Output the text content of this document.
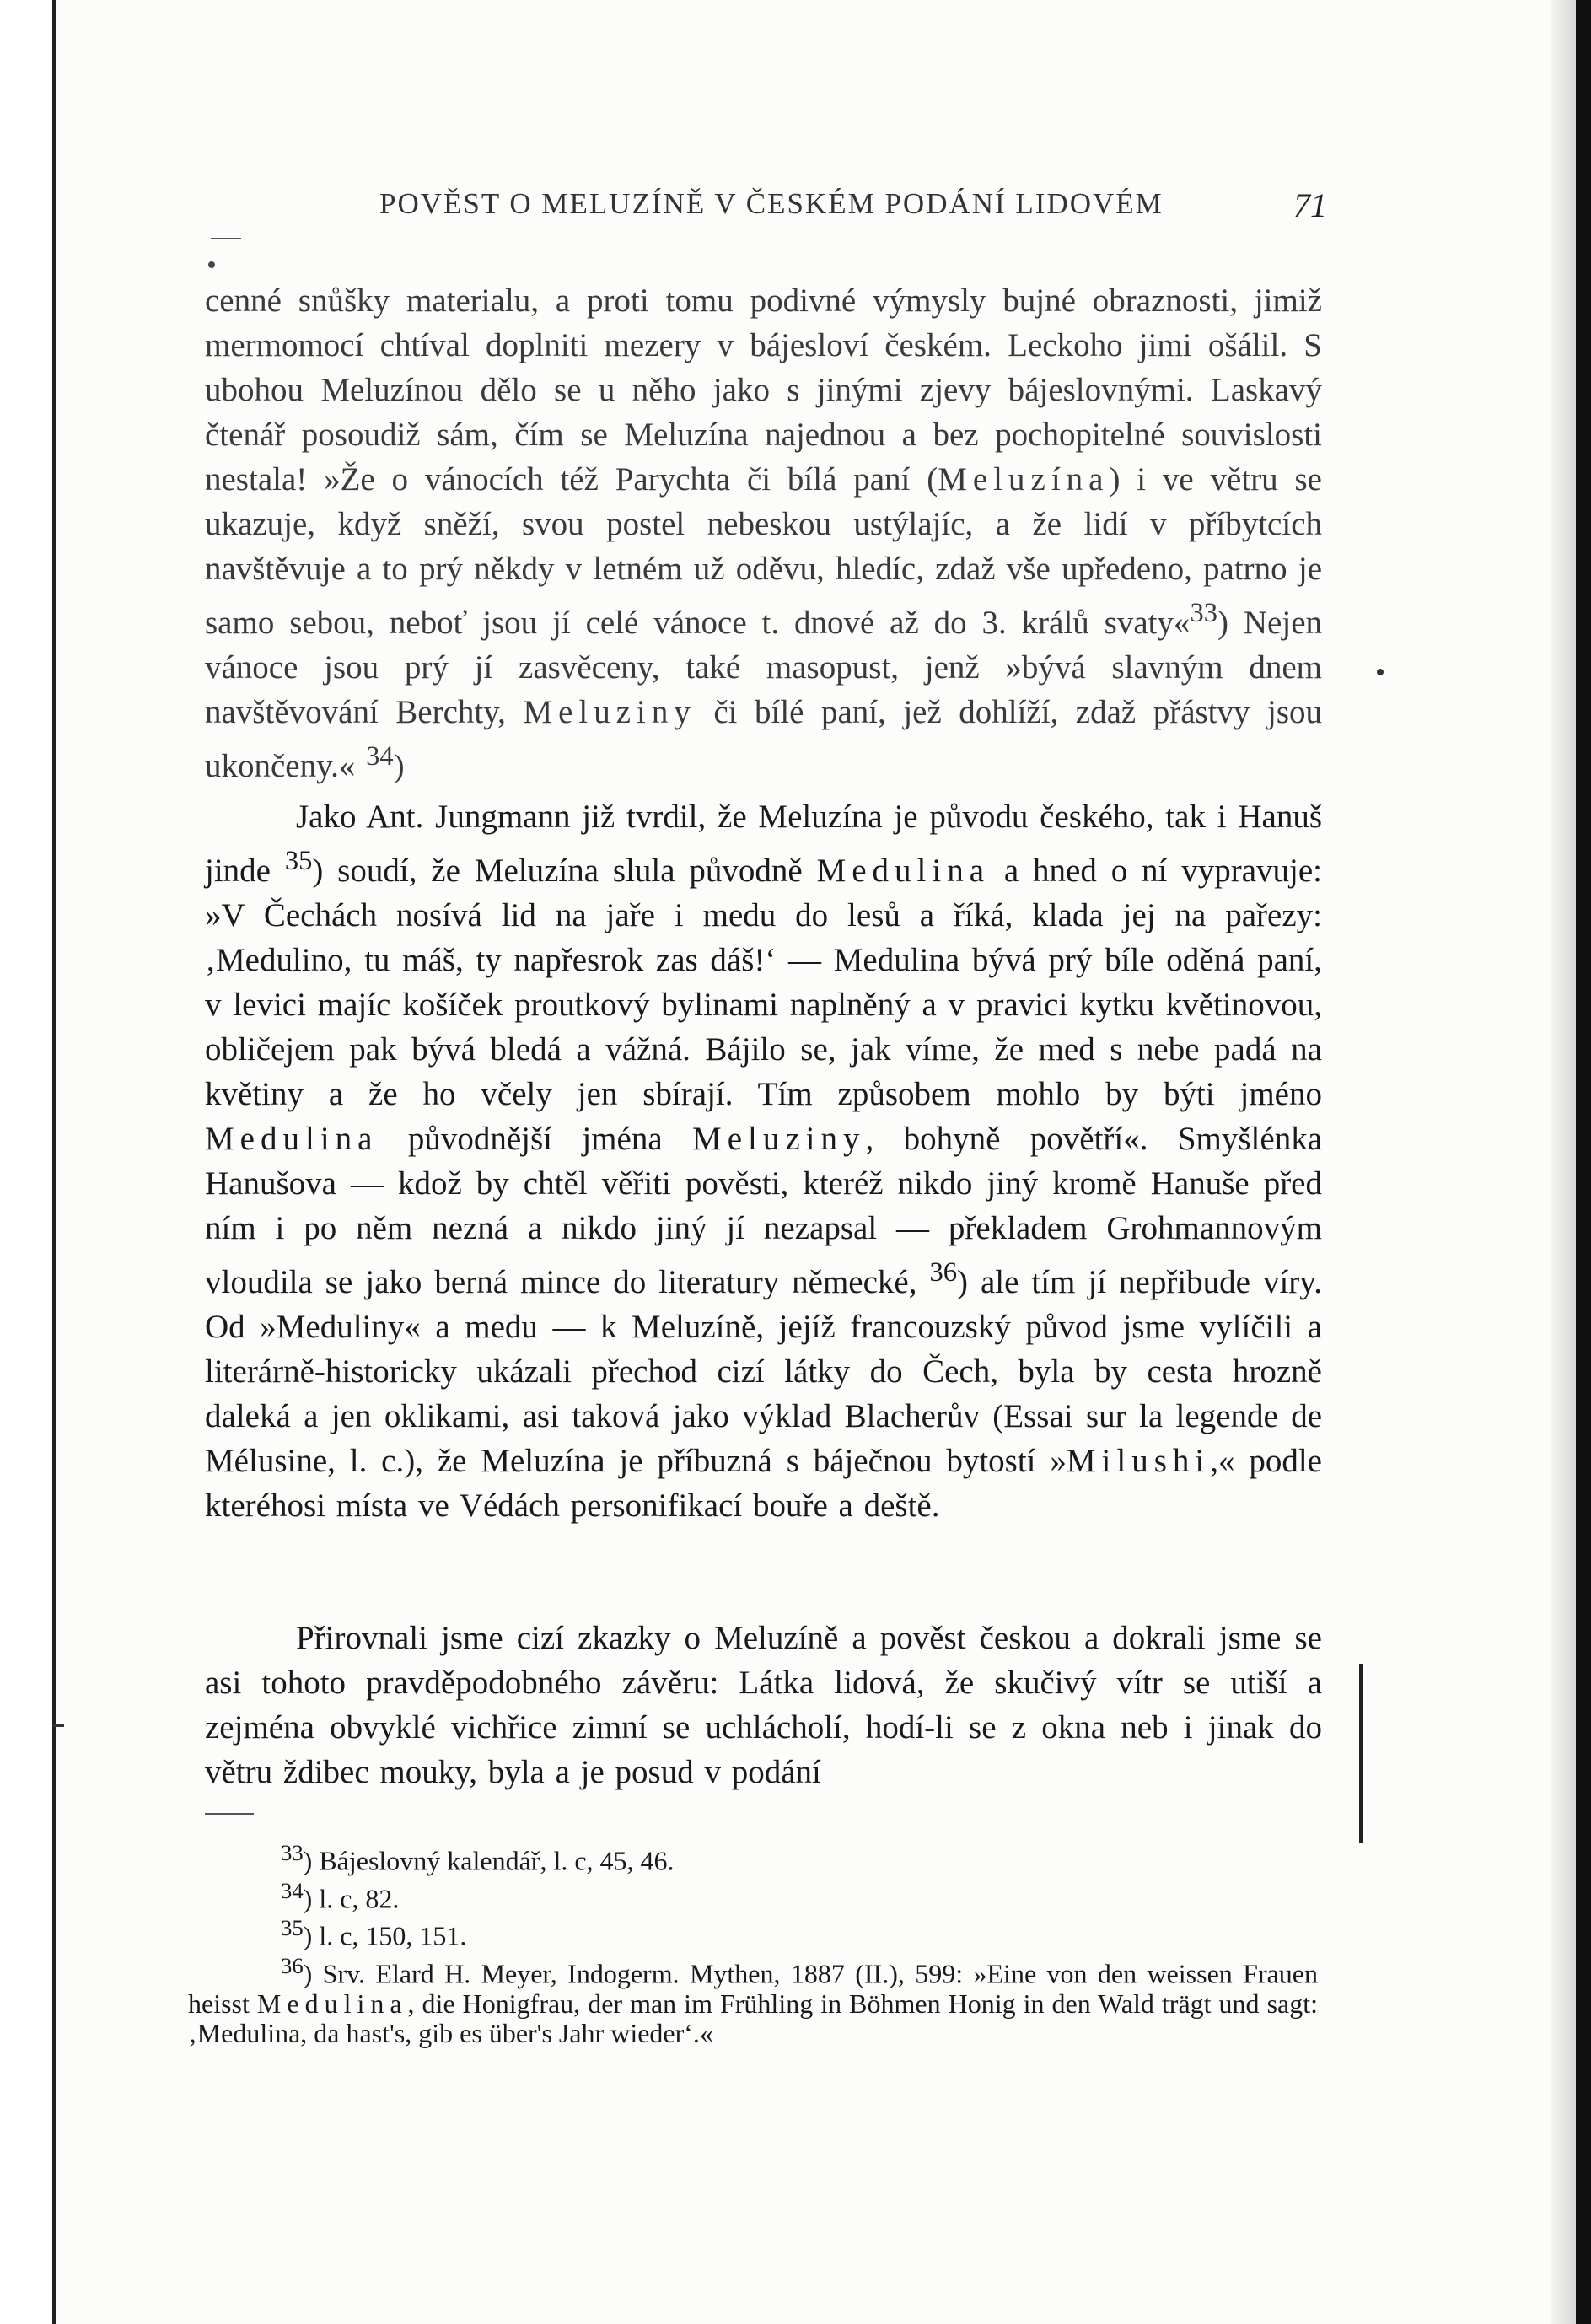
POVĚST O MELUZÍNĚ V ČESKÉM PODÁNÍ LIDOVÉM	71

cenné snůšky materialu, a proti tomu podivné výmysly bujné obraznosti, jimiž mermomocí chtíval doplniti mezery v bájesloví českém. Leckoho jimi ošálil. S ubohou Meluzínou dělo se u něho jako s jinými zjevy bájeslovnými. Laskavý čtenář posoudiž sám, čím se Meluzína najednou a bez pochopitelné souvislosti nestala! »Že o vánocích též Parychta či bílá paní (Meluzína) i ve větru se ukazuje, když sněží, svou postel nebeskou ustýlajíc, a že lidí v příbytcích navštěvuje a to prý někdy v letném už oděvu, hledíc, zdaž vše upředeno, patrno je samo sebou, neboť jsou jí celé vánoce t. dnové až do 3. králů svaty«$^{33}$) Nejen vánoce jsou prý jí zasvěceny, také masopust, jenž »bývá slavným dnem navštěvování Berchty, Meluziny či bílé paní, jež dohlíží, zdaž přástvy jsou ukončeny.« $^{34}$)

Jako Ant. Jungmann již tvrdil, že Meluzína je původu českého, tak i Hanuš jinde $^{35}$) soudí, že Meluzína slula původně Medulina a hned o ní vypravuje: »V Čechách nosívá lid na jaře i medu do lesů a říká, klada jej na pařezy: ‚Medulino, tu máš, ty napřesrok zas dáš!‘ — Medulina bývá prý bíle oděná paní, v levici majíc košíček proutkový bylinami naplněný a v pravici kytku květinovou, obličejem pak bývá bledá a vážná. Bájilo se, jak víme, že med s nebe padá na květiny a že ho včely jen sbírají. Tím způsobem mohlo by býti jméno Medulina původnější jména Meluziny, bohyně povětří«. Smyšlénka Hanušova — kdož by chtěl věřiti pověsti, kteréž nikdo jiný kromě Hanuše před ním i po něm nezná a nikdo jiný jí nezapsal — překladem Grohmannovým vloudila se jako berná mince do literatury německé, $^{36}$) ale tím jí nepřibude víry. Od »Meduliny« a medu — k Meluzíně, jejíž francouzský původ jsme vylíčili a literárně-historicky ukázali přechod cizí látky do Čech, byla by cesta hrozně daleká a jen oklikami, asi taková jako výklad Blacherův (Essai sur la legende de Mélusine, l. c.), že Meluzína je příbuzná s báječnou bytostí »Milushi,« podle kteréhosi místa ve Védách personifikací bouře a deště.

Přirovnali jsme cizí zkazky o Meluzíně a pověst českou a dokrali jsme se asi tohoto pravděpodobného závěru: Látka lidová, že skučivý vítr se utiší a zejména obvyklé vichřice zimní se uchlácholí, hodí-li se z okna neb i jinak do větru ždibec mouky, byla a je posud v podání

$^{33}$) Bájeslovný kalendář, l. c, 45, 46.

$^{34}$) l. c, 82.

$^{35}$) l. c, 150, 151.

$^{36}$) Srv. Elard H. Meyer, Indogerm. Mythen, 1887 (II.), 599: »Eine von den weissen Frauen heisst Medulina, die Honigfrau, der man im Frühling in Böhmen Honig in den Wald trägt und sagt: ‚Medulina, da hast's, gib es über's Jahr wieder‘.«
